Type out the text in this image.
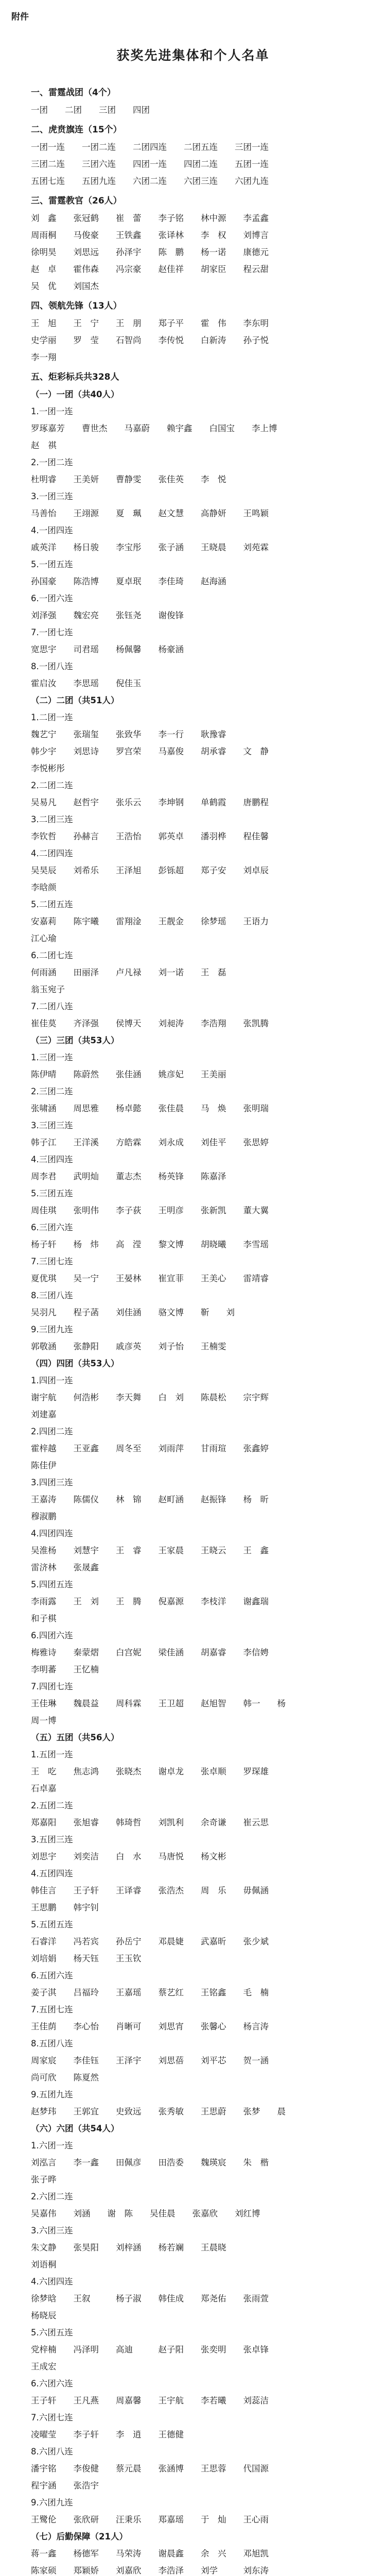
附件
获奖先进集体和个人名单
一、雷霆战团（4个）
一团　　二团　　三团　　四团
二、虎贲旗连（15个）
一团一连　　一团二连　　二团四连　　二团五连　　三团一连
三团二连　　三团六连　　四团一连　　四团二连　　五团一连
五团七连　　五团九连　　六团二连　　六团三连　　六团九连
三、雷霆教官（26人）
刘　鑫　　张冠鹤　　崔　蕾　　李子铭　　林中源　　李孟鑫
周雨桐　　马俊豪　　王铁鑫　　张译林　　李　权　　刘博言
徐明昊　　刘思远　　孙泽宇　　陈　鹏　　杨一诺　　康德元
赵　卓　　霍伟森　　冯宗豪　　赵佳祥　　胡家臣　　程云甜
吴　优　　刘国杰
四、领航先锋（13人）
王　旭　　王　宁　　王　朋　　郑子平　　霍　伟　　李东明
史学丽　　罗　莹　　石智尚　　李传悦　　白新涛　　孙子悦
李一翔
五、炬彩标兵共328人
（一）一团（共40人）
1.一团一连
罗琢嘉芳　　曹世杰　　马嘉蔚　　赖宇鑫　　白国宝　　李上博
赵　祺
2.一团二连
杜明睿　　王美妍　　曹静雯　　张佳英　　李　悦
3.一团三连
马善怡　　王翊源　　夏　珮　　赵文慧　　高静妍　　王鸣颖
4.一团四连
戚英洋　　杨日骏　　李宝彤　　张子涵　　王晓晨　　刘苑霖
5.一团五连
孙国豪　　陈浩博　　夏卓珉　　李佳琦　　赵海涵
6.一团六连
刘泽强　　魏宏亮　　张钰尧　　谢俊锋
7.一团七连
宽思宇　　司君瑶　　杨佩馨　　杨豪涵
8.一团八连
霍启汝　　李思瑶　　倪佳玉
（二）二团（共51人）
1.二团一连
魏艺宁　　张瑞玺　　张致华　　李一行　　耿豫睿
韩少宇　　刘思诗　　罗宫荣　　马嘉俊　　胡承睿　　文　静
李悦彬彤
2.二团二连
吴易凡　　赵哲宇　　张乐云　　李坤钢　　单鹤霞　　唐鹏程
3.二团三连
李钦哲　　孙赫言　　王浩怡　　郭英卓　　潘羽桦　　程佳馨
4.二团四连
吴昊辰　　刘希乐　　王泽旭　　彭铄超　　郑子安　　刘卓辰
李晗颜
5.二团五连
安嘉莉　　陈宇曦　　雷翔淦　　王靓金　　徐梦瑶　　王语力
江心瑜
6.二团七连
何雨涵　　田丽泽　　卢凡禄　　刘一诺　　王　磊
翁玉宛子
7.二团八连
崔佳莫　　齐泽强　　侯博天　　刘昶涛　　李浩翔　　张凯腾
（三）三团（共53人）
1.三团一连
陈伊晴　　陈蔚然　　张佳涵　　姚彦妃　　王美丽
2.三团二连
张啸涵　　周思雅　　杨卓懿　　张佳晨　　马　焕　　张明瑞
3.三团三连
韩子江　　王洋溪　　方皓霖　　刘永成　　刘佳平　　张思婷
4.三团四连
周李君　　武明灿　　董志杰　　杨英锋　　陈嘉泽
5.三团五连
周佳琪　　张明伟　　李子荻　　王明彦　　张新凯　　董大翼
6.三团六连
杨子轩　　杨　炜　　高　滢　　黎文博　　胡晓曦　　李雪瑶
7.三团七连
夏优琪　　吴一宁　　王晏林　　崔宣菲　　王美心　　雷靖睿
8.三团八连
吴羽凡　　程子菡　　刘佳涵　　骆文博　　靳　　刘
9.三团九连
郭敬涵　　张静阳　　戚彦英　　刘子怡　　王楠雯
（四）四团（共53人）
1.四团一连
谢宇航　　何浩彬　　李天舞　　白　刘　　陈晨松　　宗宇辉
刘建嘉
2.四团二连
霍梓越　　王亚鑫　　周冬至　　刘雨萍　　甘雨瑄　　张鑫婷
陈佳伊
3.四团三连
王嘉涛　　陈儒仪　　林　锦　　赵町涵　　赵振锋　　杨　昕
穆淑鹏
4.四团四连
吴淮杨　　刘慧宇　　王　睿　　王家晨　　王晓云　　王　鑫
雷济林　　张晟鑫
5.四团五连
李雨露　　王　刘　　王　腾　　倪嘉源　　李枝洋　　谢鑫瑞
和子棋
6.四团六连
梅雅诗　　秦蒙熠　　白宫妮　　梁佳涵　　胡嘉睿　　李信娉
李明蕃　　王忆楠
7.四团七连
王佳琳　　魏晨益　　周科霖　　王卫超　　赵旭智　　韩一　　杨
周一博
（五）五团（共56人）
1.五团一连
王　吃　　焦志鸿　　张晓杰　　谢卓龙　　张卓顺　　罗琛雄
石卓嘉
2.五团二连
郑嘉阳　　张旭睿　　韩琦哲　　刘凯利　　余奇谦　　崔云思
3.五团三连
刘思宇　　刘奕洁　　白　水　　马唐悦　　杨文彬
4.五团四连
韩佳言　　王子轩　　王译睿　　张浩杰　　周　乐　　毋佩涵
王思鹏　　韩宇钊
5.五团五连
石睿洋　　冯若宾　　孙岳宁　　邓晨婕　　武嘉昕　　张少斌
刘培娟　　杨天钰　　王玉钦
6.五团六连
姜子淇　　吕福玲　　王嘉瑶　　蔡艺红　　王铭鑫　　毛　楠
7.五团七连
王佳荫　　李心怡　　肖晰可　　刘思宵　　张馨心　　杨言涛
8.五团八连
周家宸　　李佳钰　　王泽宇　　刘思蓓　　刘平芯　　贺一涵
尚可欣　　陈夏然
9.五团九连
赵梦玮　　王郭宜　　史致远　　张秀敏　　王思蔚　　张梦　　晨
（六）六团（共54人）
1.六团一连
刘泓言　　李一鑫　　田佩彦　　田浩委　　魏瑛宸　　朱　楷
张子晔
2.六团二连
吴嘉伟　　刘涵　　谢　陈　　吴佳晨　　张嘉欣　　刘红博
3.六团三连
朱文静　　张昊阳　　刘梓涵　　杨若斓　　王晨晓
刘语桐
4.六团四连
徐梦晗　　王叙　　　杨子淑　　韩佳成　　郑尧佑　　张雨萱
杨晓辰
5.六团五连
党梓楠　　冯泽明　　高迪　　　赵子阳　　张奕明　　张卓锋
王成宏
6.六团六连
王子轩　　王凡燕　　周嘉馨　　王宇航　　李若曦　　刘蕊洁
7.六团七连
凌曜莹　　李子轩　　李　逍　　王德健
8.六团八连
潘宇铭　　李俊健　　蔡元晨　　张涵博　　王思蓉　　代国源
程宇涵　　张浩宇
9.六团九连
王鹭伦　　张欣研　　汪秉乐　　郑嘉瑶　　于　灿　　王心雨
（七）后勤保障（21人）
蒋一鑫　　杨德军　　马荣涛　　谢晨鑫　　余　兴　　邓旭凯
陈家硕　　郑颖娇　　刘嘉欣　　李浩泽　　刘学　　　刘东涛
